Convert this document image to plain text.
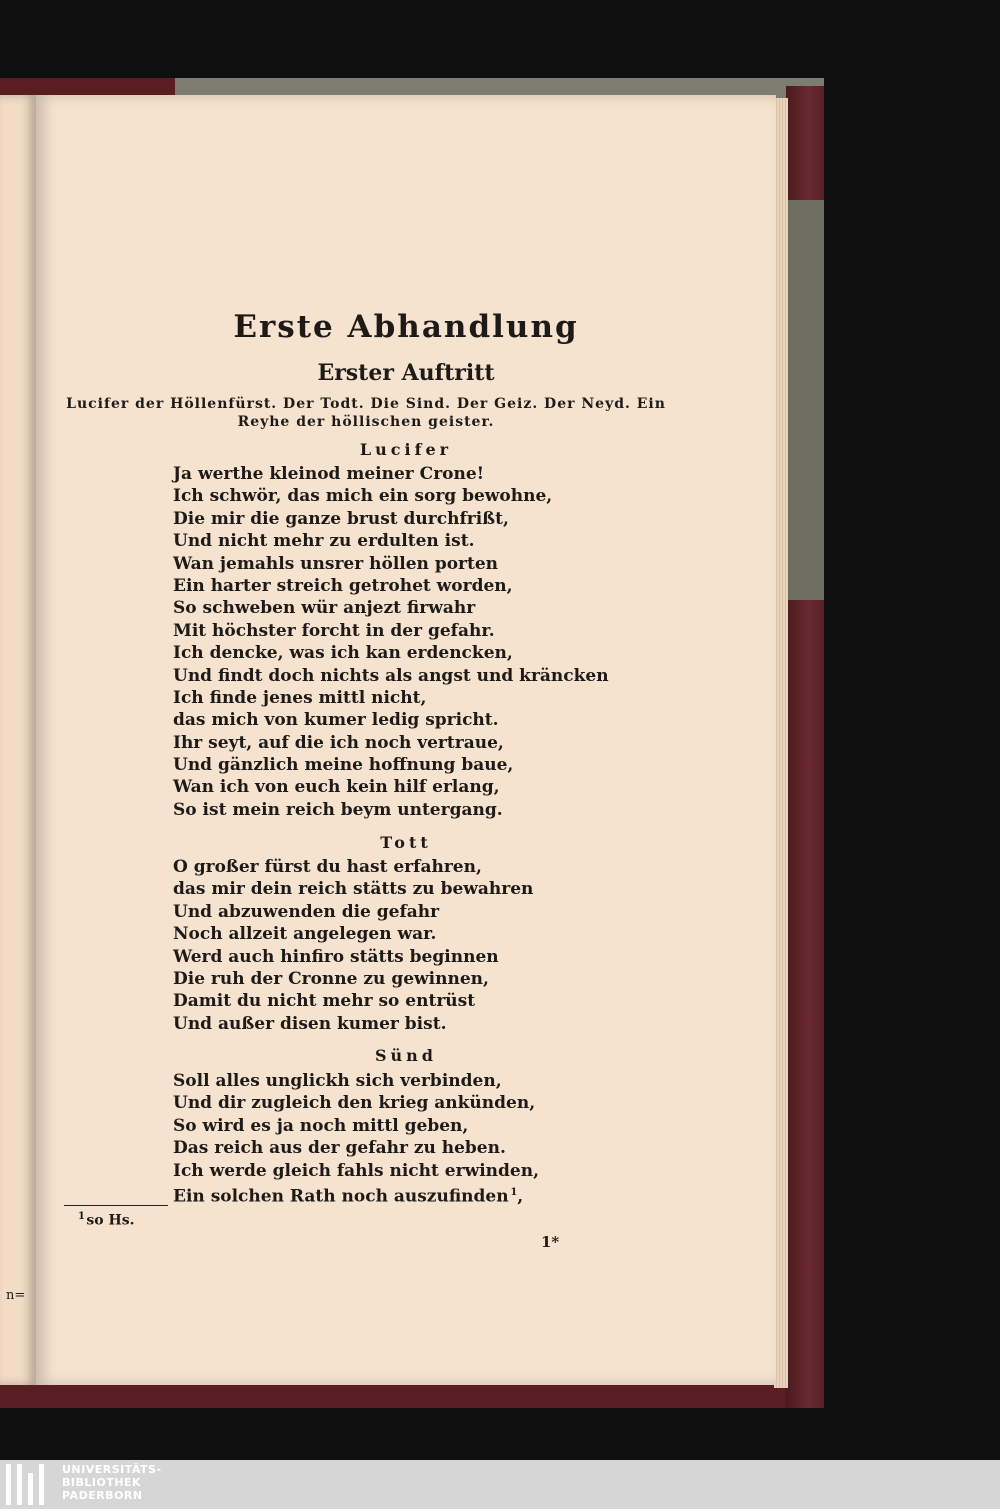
n=
Erste Abhandlung
Erster Auftritt
Lucifer der Höllenfürst. Der Todt. Die Sind. Der Geiz. Der Neyd. Ein
Reyhe der höllischen geister.
Lucifer
Ja werthe kleinod meiner Crone!
Ich schwör, das mich ein sorg bewohne,
Die mir die ganze brust durchfrißt,
Und nicht mehr zu erdulten ist.
Wan jemahls unsrer höllen porten
Ein harter streich getrohet worden,
So schweben wür anjezt firwahr
Mit höchster forcht in der gefahr.
Ich dencke, was ich kan erdencken,
Und findt doch nichts als angst und kräncken
Ich finde jenes mittl nicht,
das mich von kumer ledig spricht.
Ihr seyt, auf die ich noch vertraue,
Und gänzlich meine hoffnung baue,
Wan ich von euch kein hilf erlang,
So ist mein reich beym untergang.
Tott
O großer fürst du hast erfahren,
das mir dein reich stätts zu bewahren
Und abzuwenden die gefahr
Noch allzeit angelegen war.
Werd auch hinfiro stätts beginnen
Die ruh der Cronne zu gewinnen,
Damit du nicht mehr so entrüst
Und außer disen kumer bist.
Sünd
Soll alles unglickh sich verbinden,
Und dir zugleich den krieg ankünden,
So wird es ja noch mittl geben,
Das reich aus der gefahr zu heben.
Ich werde gleich fahls nicht erwinden,
Ein solchen Rath noch auszufinden  $^1$,
$^1$ so Hs.
1*
UNIVERSITÄTS-
BIBLIOTHEK
PADERBORN
